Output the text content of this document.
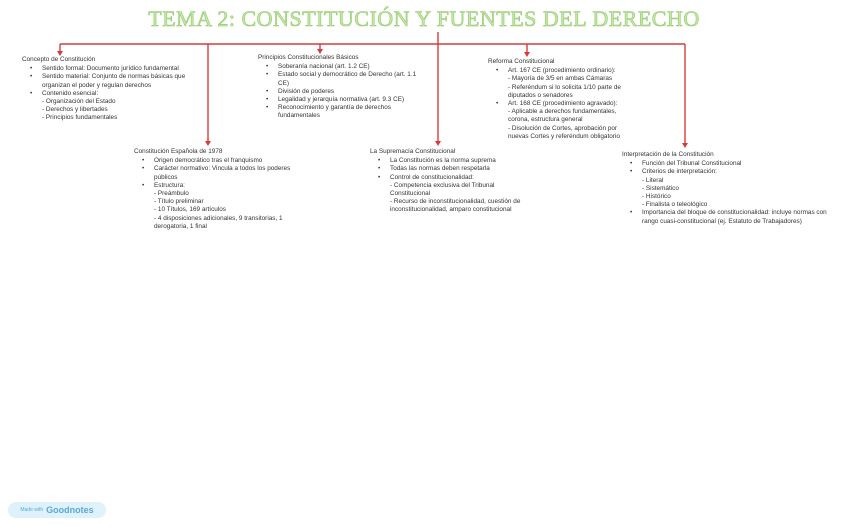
TEMA 2: CONSTITUCIÓN Y FUENTES DEL DERECHO
Concepto de Constitución
• Sentido formal: Documento jurídico fundamental
• Sentido material: Conjunto de normas básicas que organizan el poder y regulan derechos
• Contenido esencial:
- Organización del Estado
- Derechos y libertades
- Principios fundamentales
Constitución Española de 1978
• Origen democrático tras el franquismo
• Carácter normativo: Vincula a todos los poderes públicos
• Estructura:
- Preámbulo
- Título preliminar
- 10 Títulos, 169 artículos
- 4 disposiciones adicionales, 9 transitorias, 1 derogatoria, 1 final
Principios Constitucionales Básicos
• Soberanía nacional (art. 1.2 CE)
• Estado social y democrático de Derecho (art. 1.1 CE)
• División de poderes
• Legalidad y jerarquía normativa (art. 9.3 CE)
• Reconocimiento y garantía de derechos fundamentales
La Supremacía Constitucional
• La Constitución es la norma suprema
• Todas las normas deben respetarla
• Control de constitucionalidad:
- Competencia exclusiva del Tribunal Constitucional
- Recurso de inconstitucionalidad, cuestión de inconstitucionalidad, amparo constitucional
Reforma Constitucional
• Art. 167 CE (procedimiento ordinario):
- Mayoría de 3/5 en ambas Cámaras
- Referéndum si lo solicita 1/10 parte de diputados o senadores
• Art. 168 CE (procedimiento agravado):
- Aplicable a derechos fundamentales, corona, estructura general
- Disolución de Cortes, aprobación por nuevas Cortes y referéndum obligatorio
Interpretación de la Constitución
• Función del Tribunal Constitucional
• Criterios de interpretación:
- Literal
- Sistemático
- Histórico
- Finalista o teleológico
• Importancia del bloque de constitucionalidad: incluye normas con rango cuasi-constitucional (ej. Estatuto de Trabajadores)
Made with Goodnotes
